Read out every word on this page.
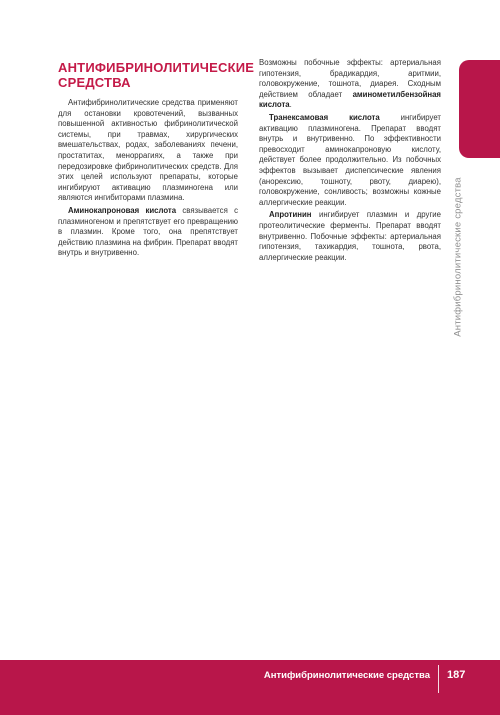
АНТИФИБРИНОЛИТИЧЕСКИЕ
СРЕДСТВА

Антифибринолитические средства применяют для остановки кровотечений, вызванных повышенной активностью фибринолитической системы, при травмах, хирургических вмешательствах, родах, заболеваниях печени, простатитах, меноррагиях, а также при передозировке фибринолитических средств. Для этих целей используют препараты, которые ингибируют активацию плазминогена или являются ингибиторами плазмина.

Аминокапроновая кислота связывается с плазминогеном и препятствует его превращению в плазмин. Кроме того, она препятствует действию плазмина на фибрин. Препарат вводят внутрь и внутривенно.

Возможны побочные эффекты: артериальная гипотензия, брадикардия, аритмии, головокружение, тошнота, диарея. Сходным действием обладает аминометилбензойная кислота.

Транексамовая кислота ингибирует активацию плазминогена. Препарат вводят внутрь и внутривенно. По эффективности превосходит аминокапроновую кислоту, действует более продолжительно. Из побочных эффектов вызывает диспепсические явления (анорексию, тошноту, рвоту, диарею), головокружение, сонливость; возможны кожные аллергические реакции.

Апротинин ингибирует плазмин и другие протеолитические ферменты. Препарат вводят внутривенно. Побочные эффекты: артериальная гипотензия, тахикардия, тошнота, рвота, аллергические реакции.	Антифибринолитические средства
Антифибринолитические средства 187
